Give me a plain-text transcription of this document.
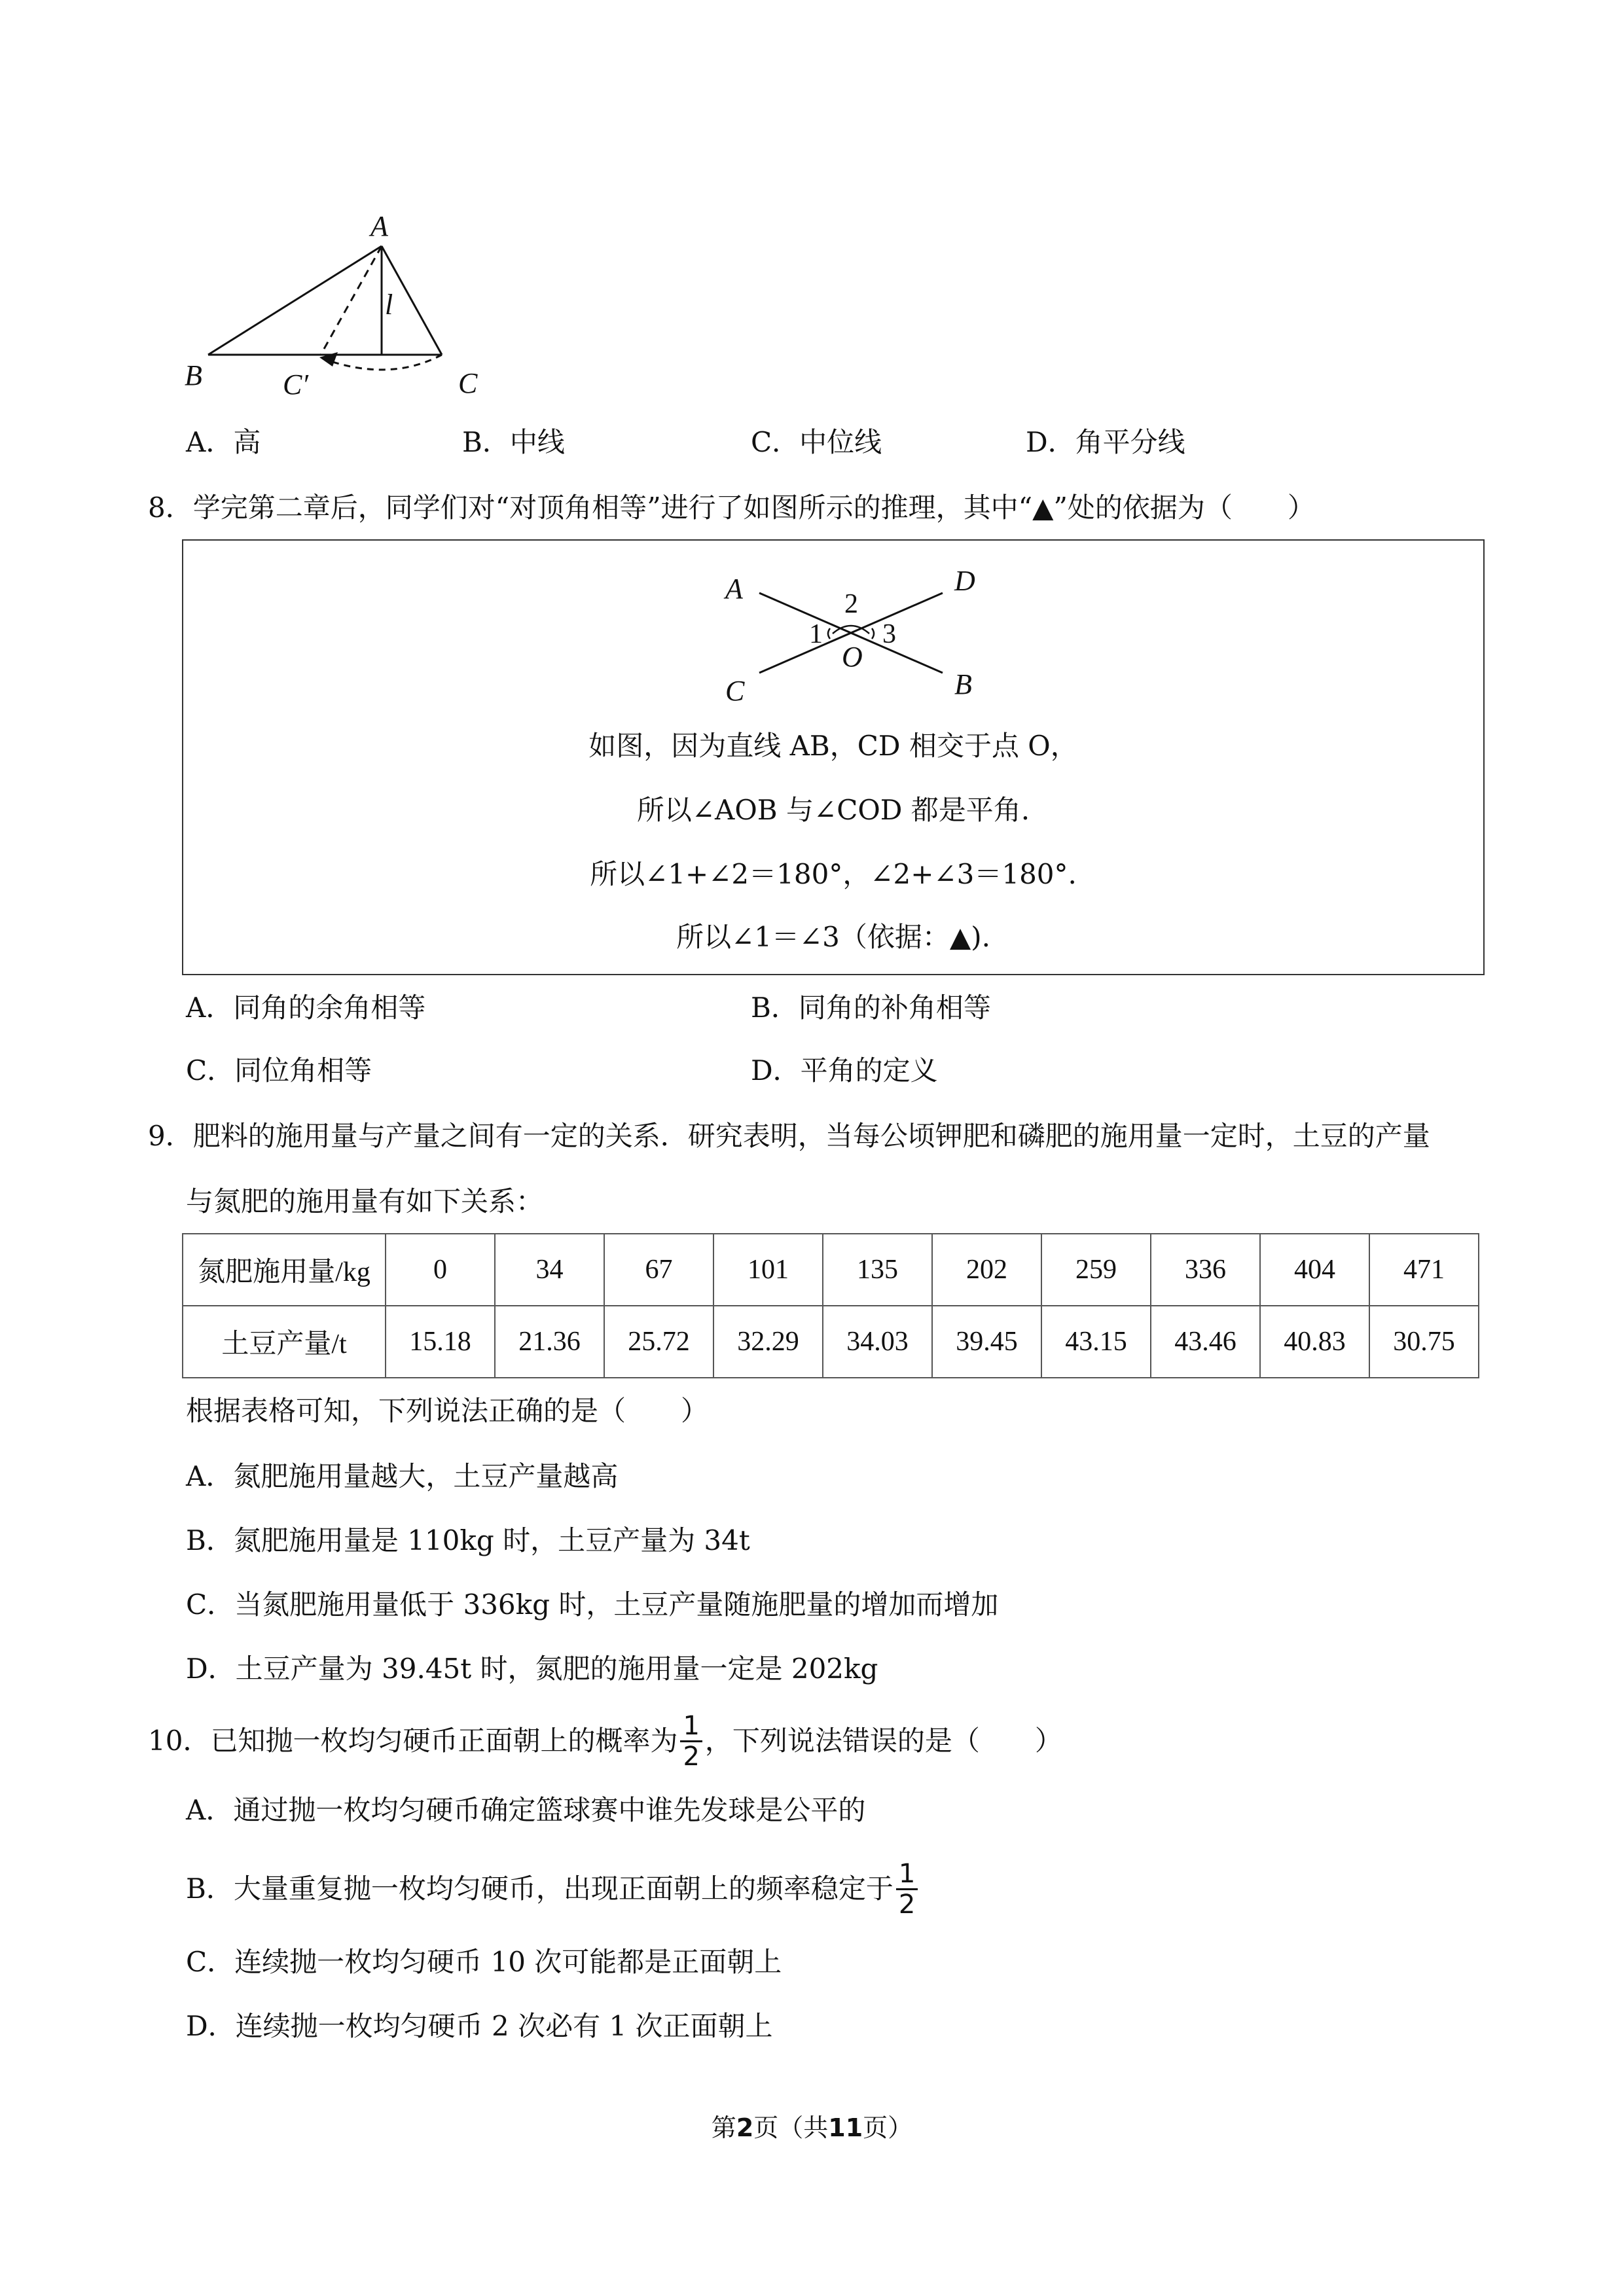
A
B	C′	C
l
A．高	B．中线	C．中位线	D．角平分线
8．学完第二章后，同学们对“对顶角相等”进行了如图所示的推理，其中“▲”处的依据为（　　）
A	D
C	B
O
2
1 3
如图，因为直线 AB，CD 相交于点 O，
所以∠AOB 与∠COD 都是平角.
所以∠1+∠2＝180°，∠2+∠3＝180°.
所以∠1＝∠3（依据：▲).
A．同角的余角相等	B．同角的补角相等
C．同位角相等	D．平角的定义
9．肥料的施用量与产量之间有一定的关系．研究表明，当每公顷钾肥和磷肥的施用量一定时，土豆的产量
与氮肥的施用量有如下关系：
氮肥施用量/kg	0	34	67	101	135	202	259	336	404	471
土豆产量/t	15.18	21.36	25.72	32.29	34.03	39.45	43.15	43.46	40.83	30.75
根据表格可知，下列说法正确的是（　　）
A．氮肥施用量越大，土豆产量越高
B．氮肥施用量是 110kg 时，土豆产量为 34t
C．当氮肥施用量低于 336kg 时，土豆产量随施肥量的增加而增加
D．土豆产量为 39.45t 时，氮肥的施用量一定是 202kg
10．已知抛一枚均匀硬币正面朝上的概率为 $\frac{1}{2}$ ，下列说法错误的是（　　）
A．通过抛一枚均匀硬币确定篮球赛中谁先发球是公平的
B．大量重复抛一枚均匀硬币，出现正面朝上的频率稳定于 $\frac{1}{2}$
C．连续抛一枚均匀硬币 10 次可能都是正面朝上
D．连续抛一枚均匀硬币 2 次必有 1 次正面朝上
第2页（共11页）
